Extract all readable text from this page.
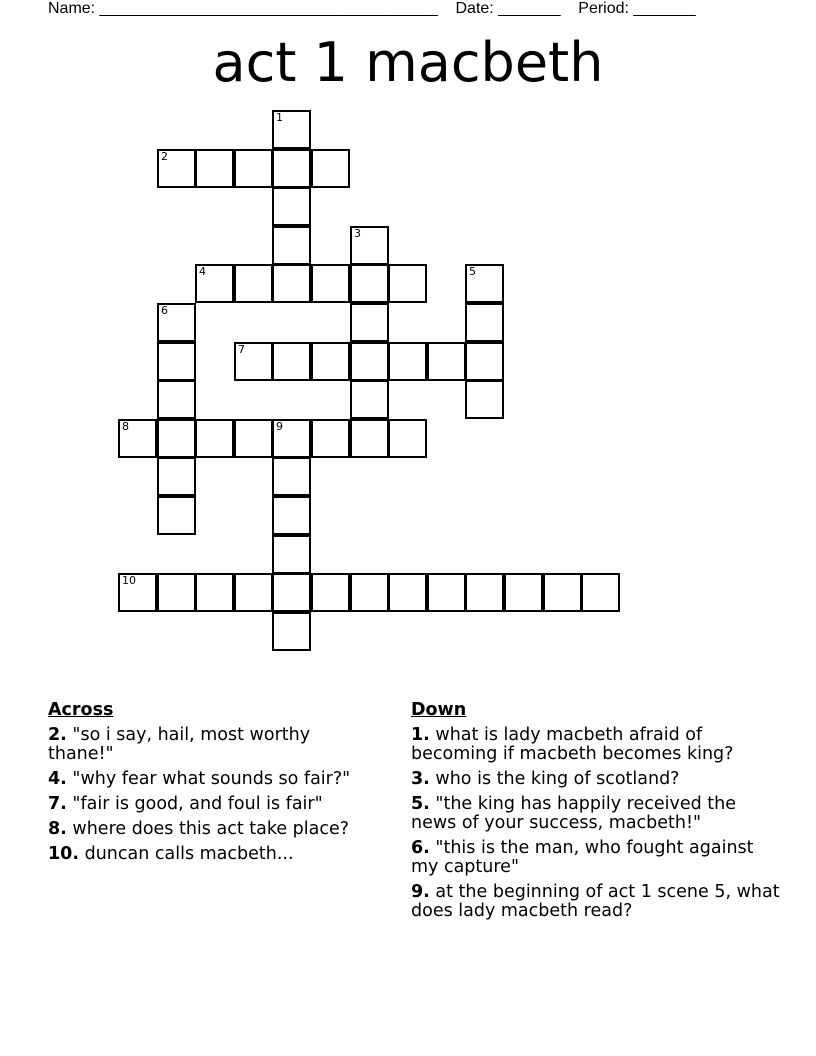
Name: ______________________________________ Date: _______ Period: _______
act 1 macbeth
1
2
3
4	5
6
7
8	9
10
Across
2. "so i say, hail, most worthy thane!"
4. "why fear what sounds so fair?"
7. "fair is good, and foul is fair"
8. where does this act take place?
10. duncan calls macbeth...
Down
1. what is lady macbeth afraid of becoming if macbeth becomes king?
3. who is the king of scotland?
5. "the king has happily received the news of your success, macbeth!"
6. "this is the man, who fought against my capture"
9. at the beginning of act 1 scene 5, what does lady macbeth read?
